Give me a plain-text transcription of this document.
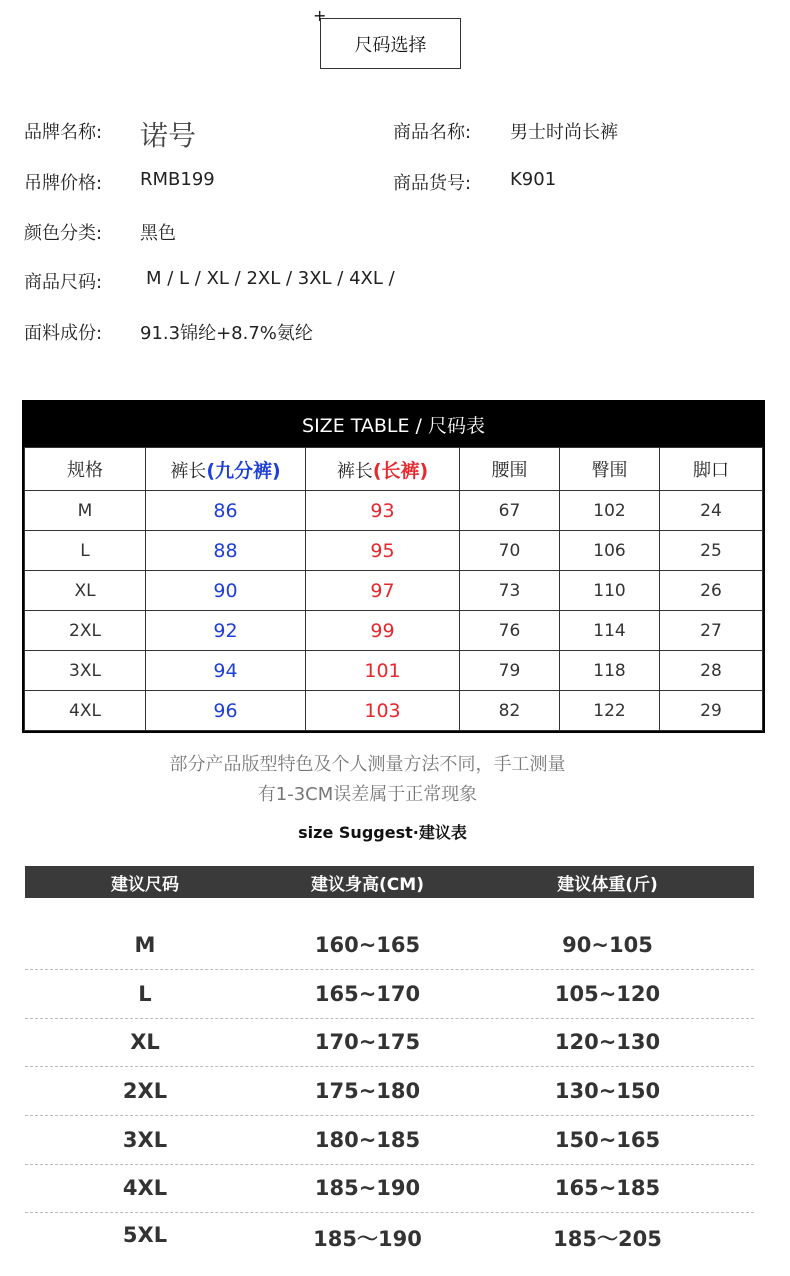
+
尺码选择
品牌名称: 诺号	商品名称: 男士时尚长裤
吊牌价格: RMB199	商品货号: K901
颜色分类: 黑色
商品尺码: M / L / XL / 2XL / 3XL / 4XL /
面料成份: 91.3锦纶+8.7%氨纶
SIZE TABLE / 尺码表
规格	裤长(九分裤)	裤长(长裤)	腰围	臀围	脚口
M	86	93	67	102	24
L	88	95	70	106	25
XL	90	97	73	110	26
2XL	92	99	76	114	27
3XL	94	101	79	118	28
4XL	96	103	82	122	29
部分产品版型特色及个人测量方法不同，手工测量
有1-3CM误差属于正常现象
size Suggest·建议表
建议尺码	建议身高(CM)	建议体重(斤)
M	160~165	90~105
L	165~170	105~120
XL	170~175	120~130
2XL	175~180	130~150
3XL	180~185	150~165
4XL	185~190	165~185
5XL	185～190	185～205
